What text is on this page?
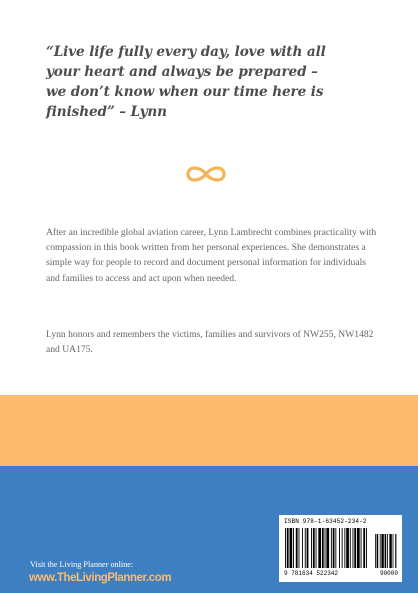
“Live life fully every day, love with all
your heart and always be prepared –
we don’t know when our time here is
finished” – Lynn

After an incredible global aviation career, Lynn Lambrecht combines practicality with compassion in this book written from her personal experiences. She demonstrates a simple way for people to record and document personal information for individuals and families to access and act upon when needed.

Lynn honors and remembers the victims, families and survivors of NW255, NW1482 and UA175.

Visit the Living Planner online:
www.TheLivingPlanner.com
ISBN 978-1-63452-234-2
9 781634 522342	90000
